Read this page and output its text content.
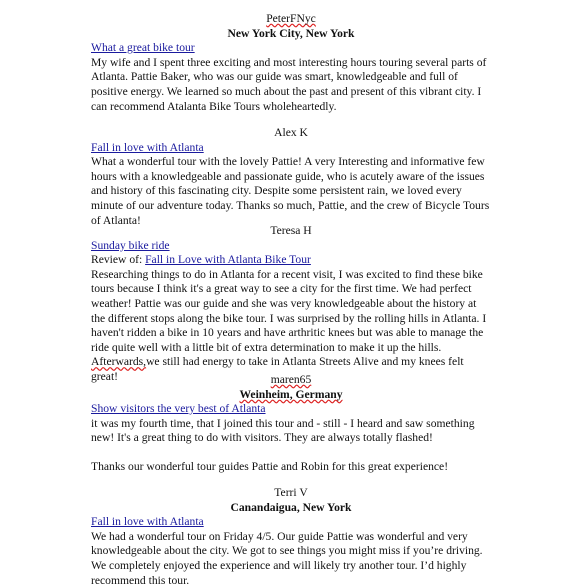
PeterFNyc
New York City, New York
What a great bike tour
My wife and I spent three exciting and most interesting hours touring several parts of Atlanta. Pattie Baker, who was our guide was smart, knowledgeable and full of positive energy. We learned so much about the past and present of this vibrant city. I can recommend Atalanta Bike Tours wholeheartedly.
Alex K
Fall in love with Atlanta
What a wonderful tour with the lovely Pattie! A very Interesting and informative few hours with a knowledgeable and passionate guide, who is acutely aware of the issues and history of this fascinating city. Despite some persistent rain, we loved every minute of our adventure today. Thanks so much, Pattie, and the crew of Bicycle Tours of Atlanta!
Teresa H
Sunday bike ride
Review of: Fall in Love with Atlanta Bike Tour
Researching things to do in Atlanta for a recent visit, I was excited to find these bike tours because I think it's a great way to see a city for the first time. We had perfect weather! Pattie was our guide and she was very knowledgeable about the history at the different stops along the bike tour. I was surprised by the rolling hills in Atlanta. I haven't ridden a bike in 10 years and have arthritic knees but was able to manage the ride quite well with a little bit of extra determination to make it up the hills. Afterwards,we still had energy to take in Atlanta Streets Alive and my knees felt great!	maren65
Weinheim, Germany
Show visitors the very best of Atlanta

it was my fourth time, that I joined this tour and - still - I heard and saw something new! It's a great thing to do with visitors. They are always totally flashed!

Thanks our wonderful tour guides Pattie and Robin for this great experience!

Terri V
Canandaigua, New York
Fall in love with Atlanta
We had a wonderful tour on Friday 4/5. Our guide Pattie was wonderful and very knowledgeable about the city. We got to see things you might miss if you’re driving. We completely enjoyed the experience and will likely try another tour. I’d highly recommend this tour.
